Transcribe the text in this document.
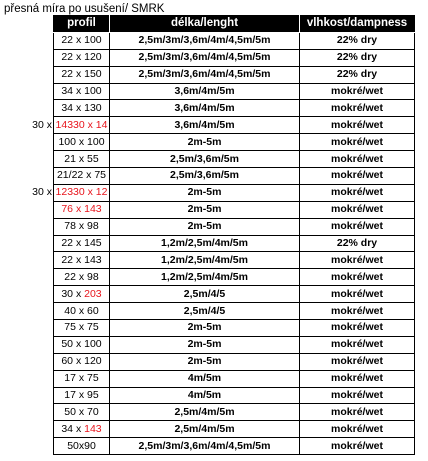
přesná míra po usušení/ SMRK
profil	délka/lenght	vlhkost/dampness
22 x 100	2,5m/3m/3,6m/4m/4,5m/5m	22% dry
22 x 120	2,5m/3m/3,6m/4m/4,5m/5m	22% dry
22 x 150	2,5m/3m/3,6m/4m/4,5m/5m	22% dry
34 x 100	3,6m/4m/5m	mokré/wet
34 x 130	3,6m/4m/5m	mokré/wet

30 x 14330 x 14	3,6m/4m/5m	mokré/wet
100 x 100	2m-5m	mokré/wet
21 x 55	2,5m/3,6m/5m	mokré/wet
21/22 x 75	2,5m/3,6m/5m	mokré/wet

30 x 12330 x 12	2m-5m	mokré/wet
76 x 143	2m-5m	mokré/wet
78 x 98	2m-5m	mokré/wet
22 x 145	1,2m/2,5m/4m/5m	22% dry
22 x 143	1,2m/2,5m/4m/5m	mokré/wet
22 x 98	1,2m/2,5m/4m/5m	mokré/wet
30 x 203	2,5m/4/5	mokré/wet
40 x 60	2,5m/4/5	mokré/wet
75 x 75	2m-5m	mokré/wet
50 x 100	2m-5m	mokré/wet
60 x 120	2m-5m	mokré/wet
17 x 75	4m/5m	mokré/wet
17 x 95	4m/5m	mokré/wet
50 x 70	2,5m/4m/5m	mokré/wet
34 x 143	2,5m/4m/5m	mokré/wet
50x90	2,5m/3m/3,6m/4m/4,5m/5m	mokré/wet
